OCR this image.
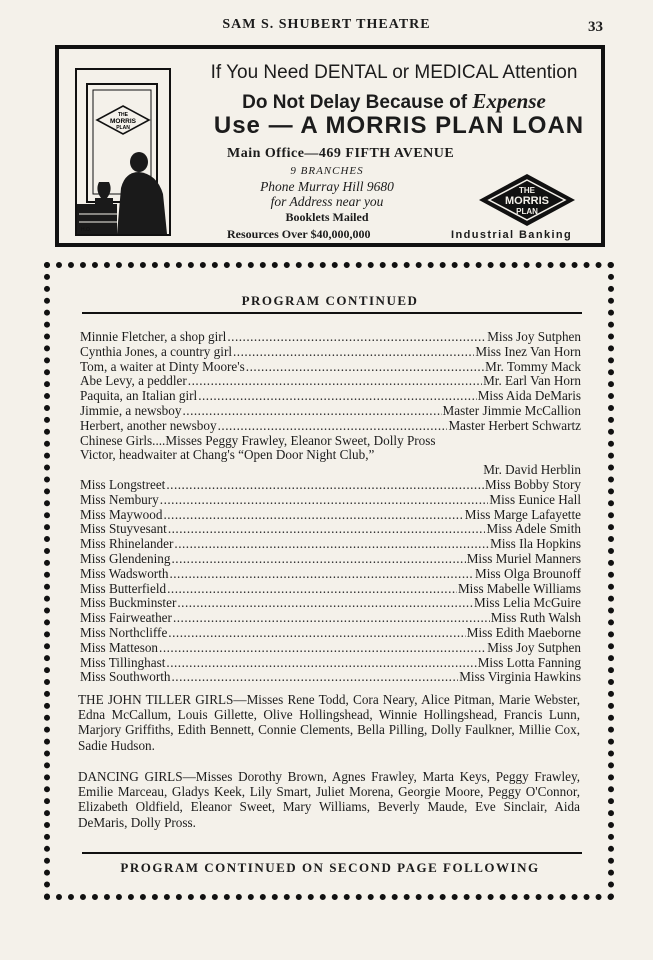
SAM S. SHUBERT THEATRE	33
THE
MORRIS
PLAN
H.O.
If You Need DENTAL or MEDICAL Attention
Do Not Delay Because of Expense
Use — A MORRIS PLAN LOAN
Main Office—469 FIFTH AVENUE
9 BRANCHES
Phone Murray Hill 9680
for Address near you
Booklets Mailed
Resources Over $40,000,000
THE
MORRIS
PLAN
Industrial Banking
PROGRAM CONTINUED
Minnie Fletcher, a shop girl .....	Miss Joy Sutphen
Cynthia Jones, a country girl .....	Miss Inez Van Horn
Tom, a waiter at Dinty Moore's .....	Mr. Tommy Mack
Abe Levy, a peddler .....	Mr. Earl Van Horn
Paquita, an Italian girl .....	Miss Aida DeMaris
Jimmie, a newsboy .....	Master Jimmie McCallion
Herbert, another newsboy .....	Master Herbert Schwartz
Chinese Girls....Misses Peggy Frawley, Eleanor Sweet, Dolly Pross
Victor, headwaiter at Chang's “Open Door Night Club,”
Mr. David Herblin
Miss Longstreet .....	Miss Bobby Story
Miss Nembury .....	Miss Eunice Hall
Miss Maywood .....	Miss Marge Lafayette
Miss Stuyvesant .....	Miss Adele Smith
Miss Rhinelander .....	Miss Ila Hopkins
Miss Glendening .....	Miss Muriel Manners
Miss Wadsworth .....	Miss Olga Brounoff
Miss Butterfield .....	Miss Mabelle Williams
Miss Buckminster .....	Miss Lelia McGuire
Miss Fairweather .....	Miss Ruth Walsh
Miss Northcliffe .....	Miss Edith Maeborne
Miss Matteson .....	Miss Joy Sutphen
Miss Tillinghast .....	Miss Lotta Fanning
Miss Southworth .....	Miss Virginia Hawkins
THE JOHN TILLER GIRLS—Misses Rene Todd, Cora Neary, Alice Pitman, Marie Webster, Edna McCallum, Louis Gillette, Olive Hollingshead, Winnie Hollingshead, Francis Lunn, Marjory Griffiths, Edith Bennett, Connie Clements, Bella Pilling, Dolly Faulkner, Millie Cox, Sadie Hudson.
DANCING GIRLS—Misses Dorothy Brown, Agnes Frawley, Marta Keys, Peggy Frawley, Emilie Marceau, Gladys Keek, Lily Smart, Juliet Morena, Georgie Moore, Peggy O'Connor, Elizabeth Oldfield, Eleanor Sweet, Mary Williams, Beverly Maude, Eve Sinclair, Aida DeMaris, Dolly Pross.
PROGRAM CONTINUED ON SECOND PAGE FOLLOWING
